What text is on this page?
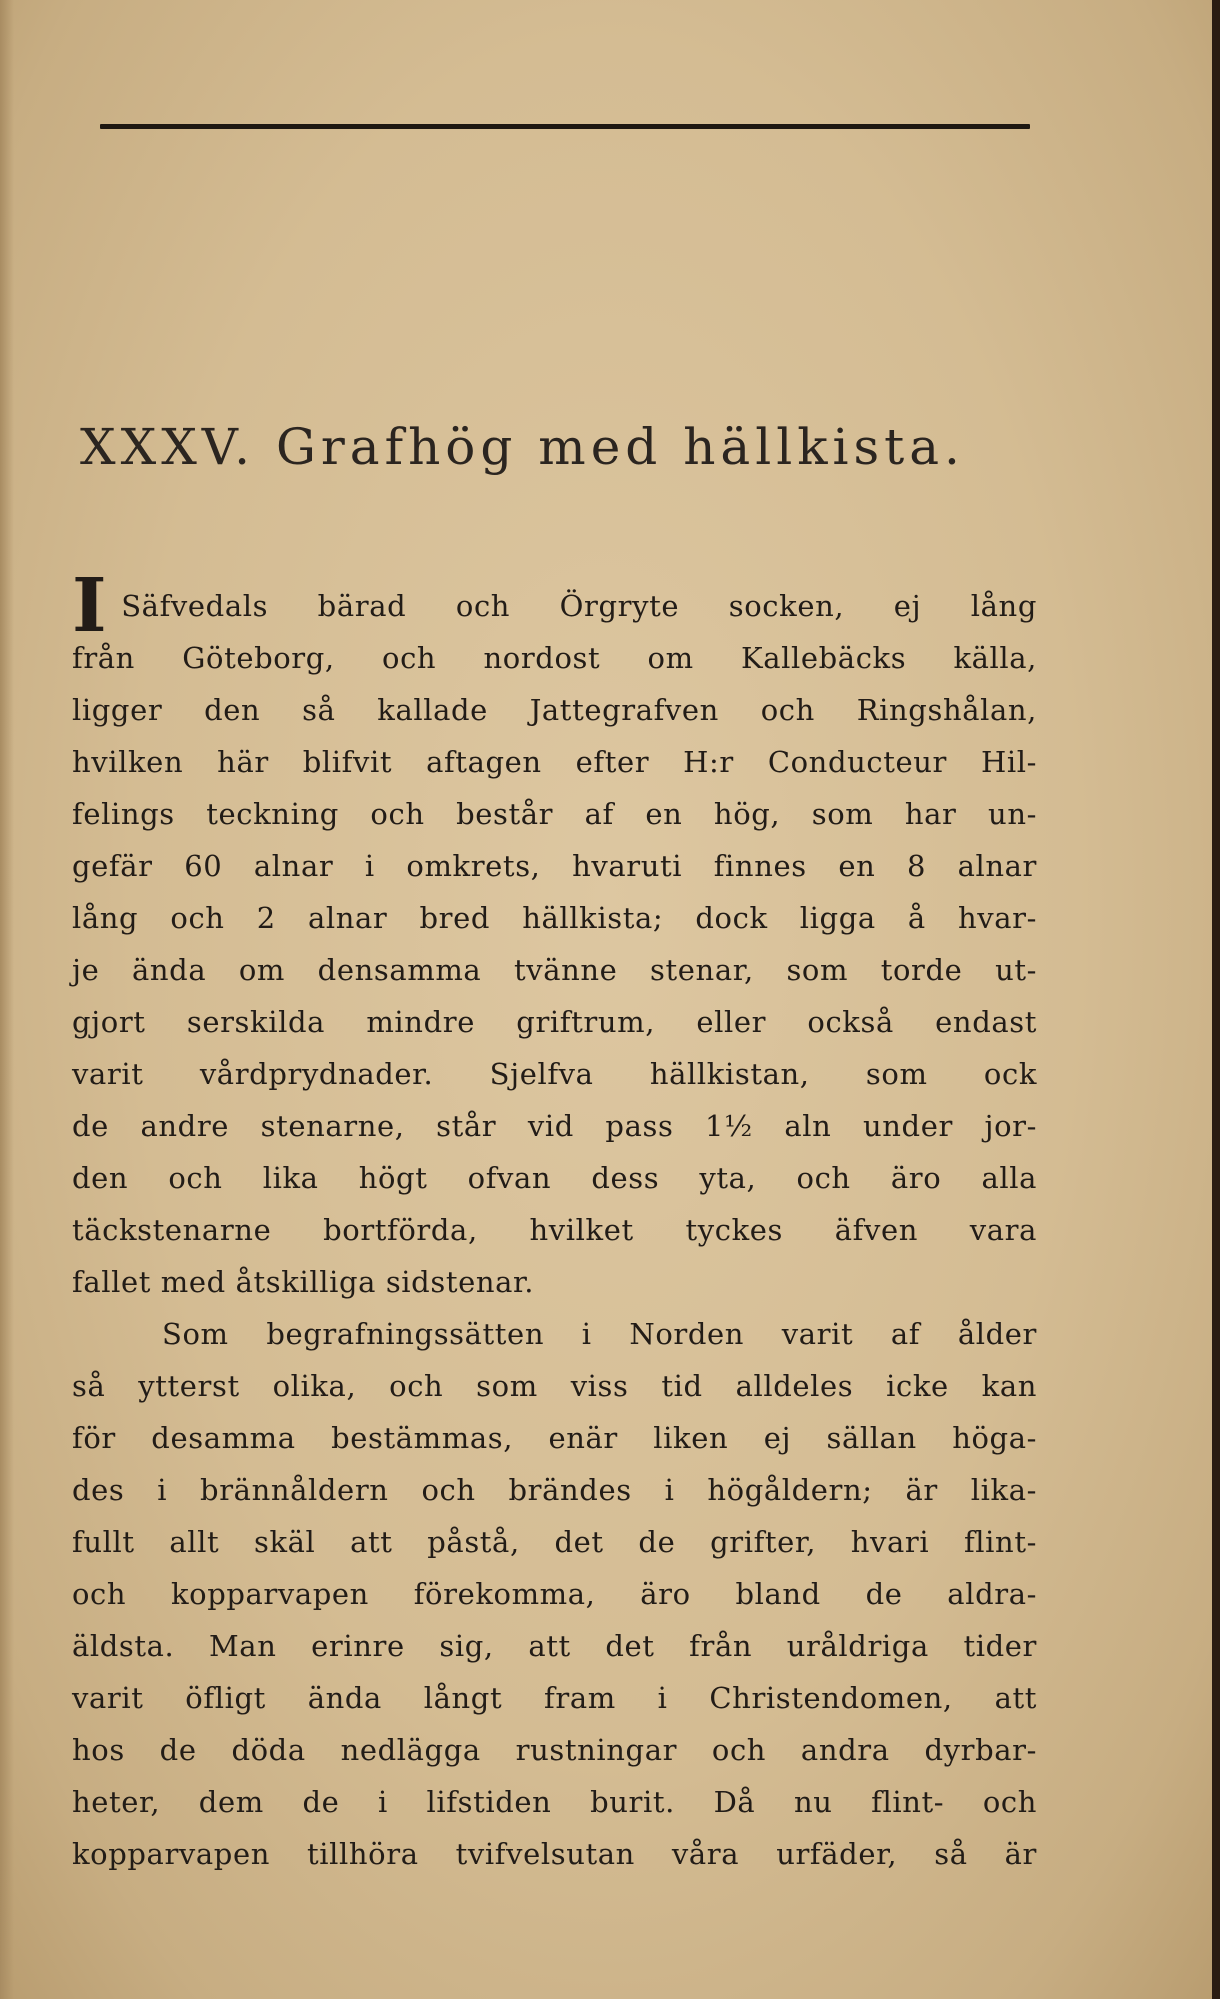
XXXV. Grafhög med hällkista.
I Säfvedals bärad och Örgryte socken, ej lång
från Göteborg, och nordost om Kallebäcks källa,
ligger den så kallade Jattegrafven och Ringshålan,
hvilken här blifvit aftagen efter H:r Conducteur Hil-
felings teckning och består af en hög, som har un-
gefär 60 alnar i omkrets, hvaruti finnes en 8 alnar
lång och 2 alnar bred hällkista; dock ligga å hvar-
je ända om densamma tvänne stenar, som torde ut-
gjort serskilda mindre griftrum, eller också endast
varit vårdprydnader. Sjelfva hällkistan, som ock
de andre stenarne, står vid pass 1½ aln under jor-
den och lika högt ofvan dess yta, och äro alla
täckstenarne bortförda, hvilket tyckes äfven vara
fallet med åtskilliga sidstenar.
Som begrafningssätten i Norden varit af ålder
så ytterst olika, och som viss tid alldeles icke kan
för desamma bestämmas, enär liken ej sällan höga-
des i brännåldern och brändes i högåldern; är lika-
fullt allt skäl att påstå, det de grifter, hvari flint-
och kopparvapen förekomma, äro bland de aldra-
äldsta. Man erinre sig, att det från uråldriga tider
varit öfligt ända långt fram i Christendomen, att
hos de döda nedlägga rustningar och andra dyrbar-
heter, dem de i lifstiden burit. Då nu flint- och
kopparvapen tillhöra tvifvelsutan våra urfäder, så är
